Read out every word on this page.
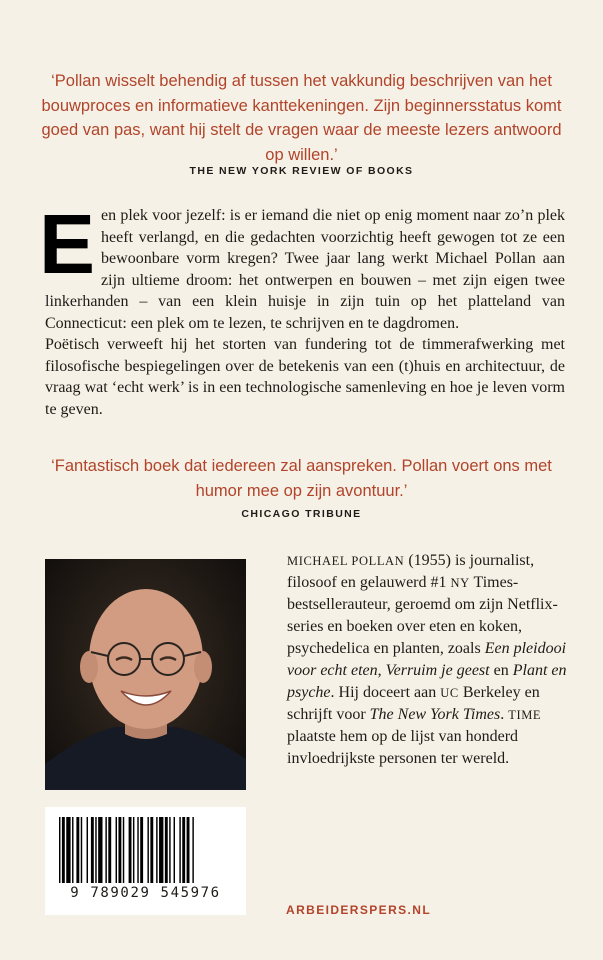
‘Pollan wisselt behendig af tussen het vakkundig beschrijven van het bouwproces en informatieve kanttekeningen. Zijn beginnersstatus komt goed van pas, want hij stelt de vragen waar de meeste lezers antwoord op willen.’
THE NEW YORK REVIEW OF BOOKS
E en plek voor jezelf: is er iemand die niet op enig moment naar zo’n plek heeft verlangd, en die gedachten voorzichtig heeft gewogen tot ze een bewoonbare vorm kregen? Twee jaar lang werkt Michael Pollan aan zijn ultieme droom: het ontwerpen en bouwen – met zijn eigen twee linkerhanden – van een klein huisje in zijn tuin op het platteland van Connecticut: een plek om te lezen, te schrijven en te dagdromen.

Poëtisch verweeft hij het storten van fundering tot de timmerafwerking met filosofische bespiegelingen over de betekenis van een (t)huis en architectuur, de vraag wat ‘echt werk’ is in een technologische samenleving en hoe je leven vorm te geven.

‘Fantastisch boek dat iedereen zal aanspreken. Pollan voert ons met humor mee op zijn avontuur.’
CHICAGO TRIBUNE
MICHAEL POLLAN (1955) is journalist, filosoof en gelauwerd #1 NY Times-bestsellerauteur, geroemd om zijn Netflix-series en boeken over eten en koken, psychedelica en planten, zoals Een pleidooi voor echt eten, Verruim je geest en Plant en psyche. Hij doceert aan UC Berkeley en schrijft voor The New York Times. TIME plaatste hem op de lijst van honderd invloedrijkste personen ter wereld.
9 789029 545976
ARBEIDERSPERS.NL
